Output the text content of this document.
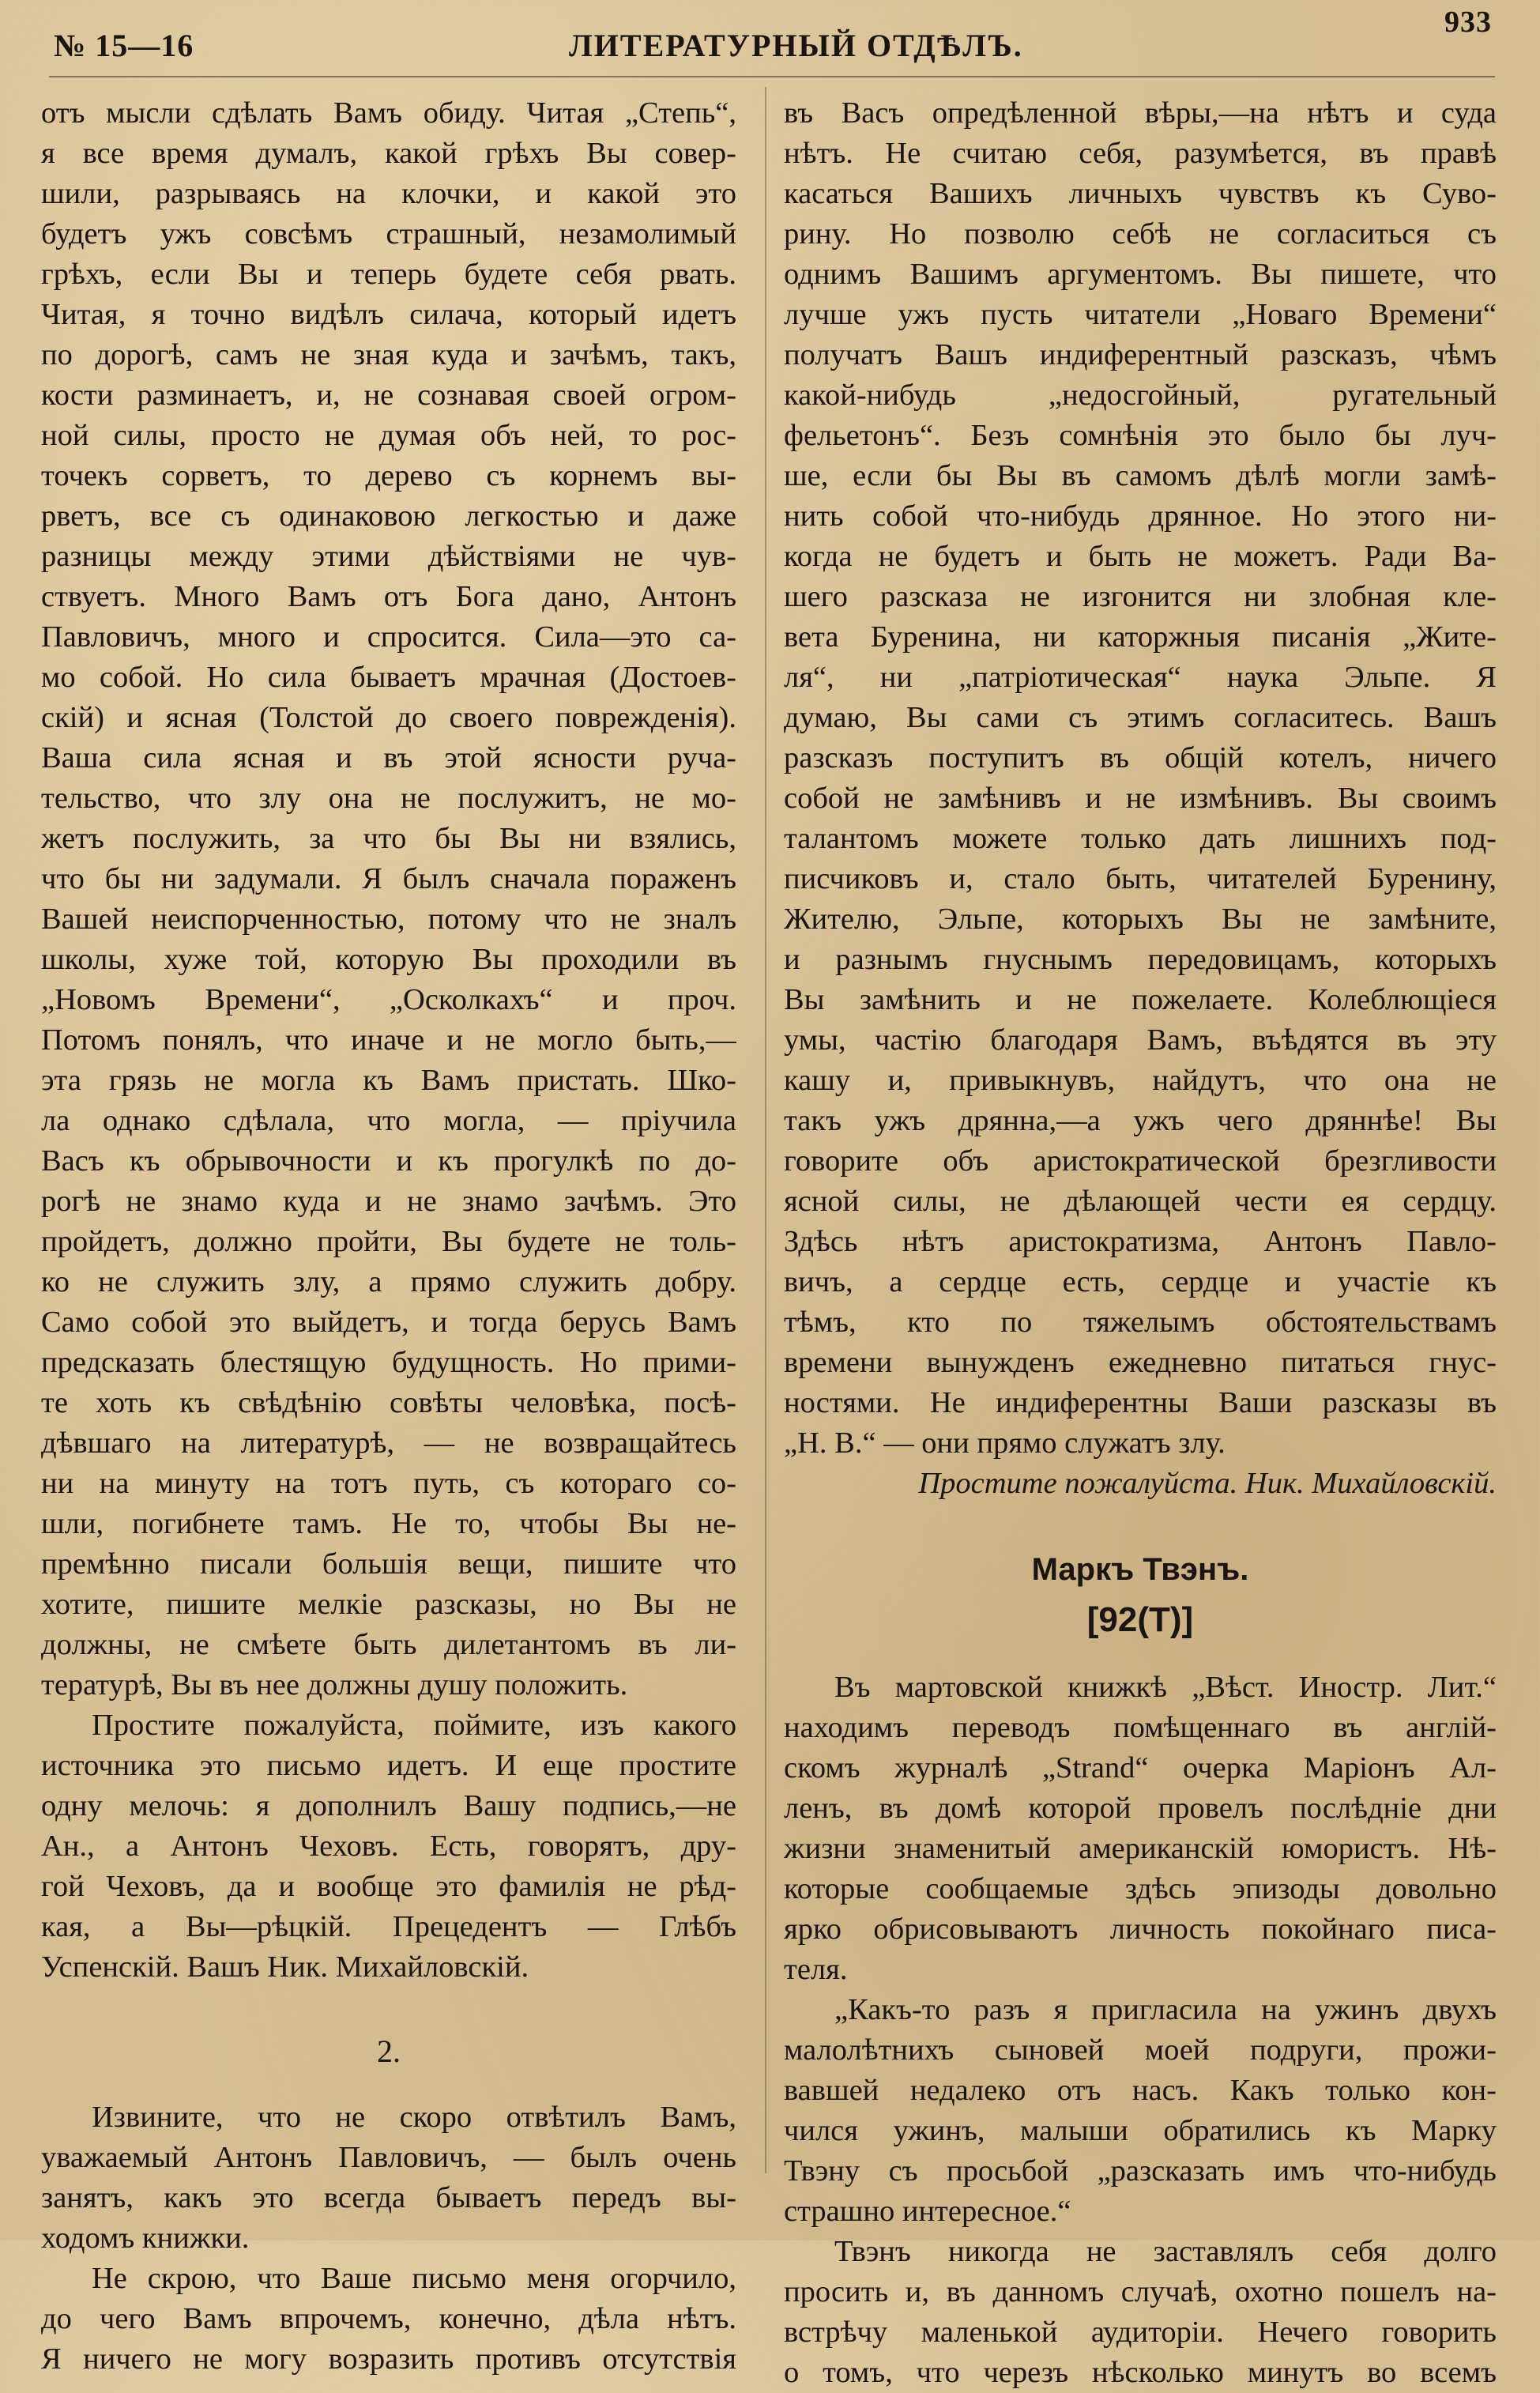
№ 15—16	ЛИТЕРАТУРНЫЙ ОТДѢЛЪ.
933
отъ мысли сдѣлать Вамъ обиду. Читая „Степь“,
я все время думалъ, какой грѣхъ Вы совер-
шили, разрываясь на клочки, и какой это
будетъ ужъ совсѣмъ страшный, незамолимый
грѣхъ, если Вы и теперь будете себя рвать.
Читая, я точно видѣлъ силача, который идетъ
по дорогѣ, самъ не зная куда и зачѣмъ, такъ,
кости разминаетъ, и, не сознавая своей огром-
ной силы, просто не думая объ ней, то рос-
точекъ сорветъ, то дерево съ корнемъ вы-
рветъ, все съ одинаковою легкостью и даже
разницы между этими дѣйствiями не чув-
ствуетъ. Много Вамъ отъ Бога дано, Антонъ
Павловичъ, много и спросится. Сила—это са-
мо собой. Но сила бываетъ мрачная (Достоев-
скiй) и ясная (Толстой до своего поврежденiя).
Ваша сила ясная и въ этой ясности руча-
тельство, что злу она не послужитъ, не мо-
жетъ послужить, за что бы Вы ни взялись,
что бы ни задумали. Я былъ сначала пораженъ
Вашей неиспорченностью, потому что не зналъ
школы, хуже той, которую Вы проходили въ
„Новомъ Времени“, „Осколкахъ“ и проч.
Потомъ понялъ, что иначе и не могло быть,—
эта грязь не могла къ Вамъ пристать. Шко-
ла однако сдѣлала, что могла, — прiучила
Васъ къ обрывочности и къ прогулкѣ по до-
рогѣ не знамо куда и не знамо зачѣмъ. Это
пройдетъ, должно пройти, Вы будете не толь-
ко не служить злу, а прямо служить добру.
Само собой это выйдетъ, и тогда берусь Вамъ
предсказать блестящую будущность. Но прими-
те хоть къ свѣдѣнiю совѣты человѣка, посѣ-
дѣвшаго на литературѣ, — не возвращайтесь
ни на минуту на тотъ путь, съ котораго со-
шли, погибнете тамъ. Не то, чтобы Вы не-
премѣнно писали большiя вещи, пишите что
хотите, пишите мелкiе разсказы, но Вы не
должны, не смѣете быть дилетантомъ въ ли-
тературѣ, Вы въ нее должны душу положить.
Простите пожалуйста, поймите, изъ какого
источника это письмо идетъ. И еще простите
одну мелочь: я дополнилъ Вашу подпись,—не
Ан., а Антонъ Чеховъ. Есть, говорятъ, дру-
гой Чеховъ, да и вообще это фамилiя не рѣд-
кая, а Вы—рѣцкiй. Прецедентъ — Глѣбъ
Успенскiй. Вашъ Ник. Михайловскiй.
2.
Извините, что не скоро отвѣтилъ Вамъ,
уважаемый Антонъ Павловичъ, — былъ очень
занятъ, какъ это всегда бываетъ передъ вы-
ходомъ книжки.
Не скрою, что Ваше письмо меня огорчило,
до чего Вамъ впрочемъ, конечно, дѣла нѣтъ.
Я ничего не могу возразить противъ отсутствiя
въ Васъ опредѣленной вѣры,—на нѣтъ и суда
нѣтъ. Не считаю себя, разумѣется, въ правѣ
касаться Вашихъ личныхъ чувствъ къ Суво-
рину. Но позволю себѣ не согласиться съ
однимъ Вашимъ аргументомъ. Вы пишете, что
лучше ужъ пусть читатели „Новаго Времени“
получатъ Вашъ индиферентный разсказъ, чѣмъ
какой-нибудь „недосгойный, ругательный
фельетонъ“. Безъ сомнѣнiя это было бы луч-
ше, если бы Вы въ самомъ дѣлѣ могли замѣ-
нить собой что-нибудь дрянное. Но этого ни-
когда не будетъ и быть не можетъ. Ради Ва-
шего разсказа не изгонится ни злобная кле-
вета Буренина, ни каторжныя писанiя „Жите-
ля“, ни „патрiотическая“ наука Эльпе. Я
думаю, Вы сами съ этимъ согласитесь. Вашъ
разсказъ поступитъ въ общiй котелъ, ничего
собой не замѣнивъ и не измѣнивъ. Вы своимъ
талантомъ можете только дать лишнихъ под-
писчиковъ и, стало быть, читателей Буренину,
Жителю, Эльпе, которыхъ Вы не замѣните,
и разнымъ гнуснымъ передовицамъ, которыхъ
Вы замѣнить и не пожелаете. Колеблющiеся
умы, частiю благодаря Вамъ, въѣдятся въ эту
кашу и, привыкнувъ, найдутъ, что она не
такъ ужъ дрянна,—а ужъ чего дряннѣе! Вы
говорите объ аристократической брезгливости
ясной силы, не дѣлающей чести ея сердцу.
Здѣсь нѣтъ аристократизма, Антонъ Павло-
вичъ, а сердце есть, сердце и участiе къ
тѣмъ, кто по тяжелымъ обстоятельствамъ
времени вынужденъ ежедневно питаться гнус-
ностями. Не индиферентны Ваши разсказы въ
„Н. В.“ — они прямо служатъ злу.
Простите пожалуйста. Ник. Михайловскiй.
Маркъ Твэнъ.
[92(Т)]
Въ мартовской книжкѣ „Вѣст. Иностр. Лит.“
находимъ переводъ помѣщеннаго въ англiй-
скомъ журналѣ „Strand“ очерка Марiонъ Ал-
ленъ, въ домѣ которой провелъ послѣднiе дни
жизни знаменитый американскiй юмористъ. Нѣ-
которые сообщаемые здѣсь эпизоды довольно
ярко обрисовываютъ личность покойнаго писа-
теля.
„Какъ-то разъ я пригласила на ужинъ двухъ
малолѣтнихъ сыновей моей подруги, прожи-
вавшей недалеко отъ насъ. Какъ только кон-
чился ужинъ, малыши обратились къ Марку
Твэну съ просьбой „разсказать имъ что-нибудь
страшно интересное.“
Твэнъ никогда не заставлялъ себя долго
просить и, въ данномъ случаѣ, охотно пошелъ на-
встрѣчу маленькой аудиторiи. Нечего говорить
о томъ, что черезъ нѣсколько минутъ во всемъ
